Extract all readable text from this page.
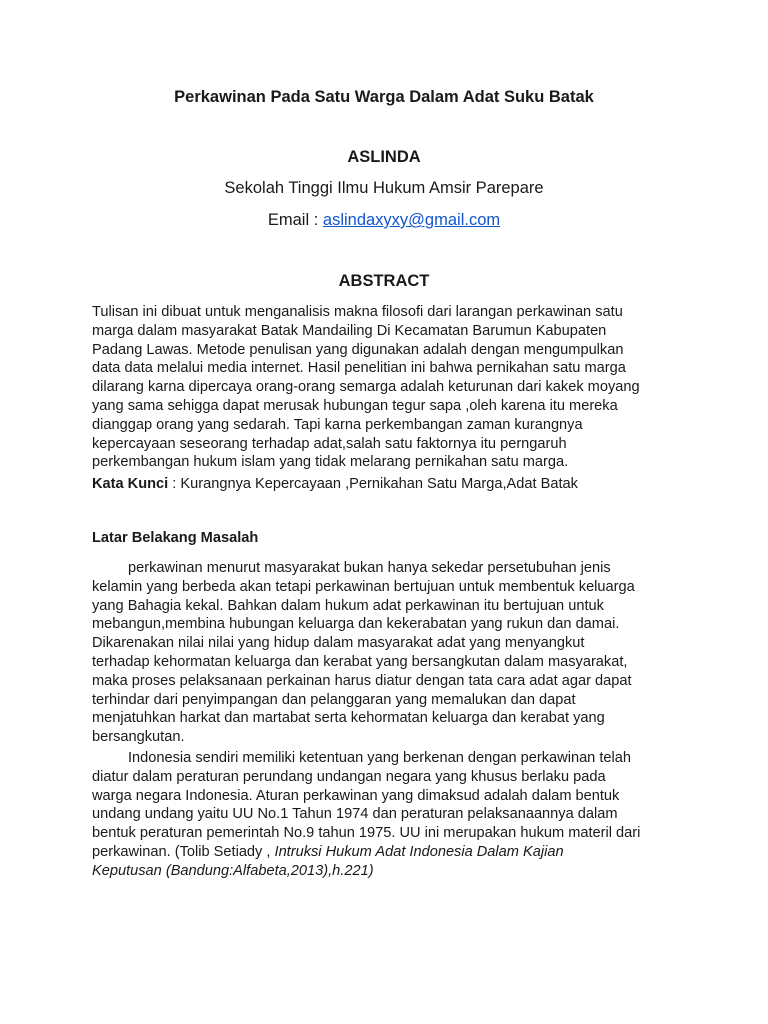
Perkawinan Pada Satu Warga Dalam Adat Suku Batak
ASLINDA
Sekolah Tinggi Ilmu Hukum Amsir Parepare
Email : aslindaxyxy@gmail.com
ABSTRACT
Tulisan ini dibuat untuk menganalisis makna filosofi dari larangan perkawinan satu
marga dalam masyarakat Batak Mandailing Di Kecamatan Barumun Kabupaten
Padang Lawas. Metode penulisan yang digunakan adalah dengan mengumpulkan
data data melalui media internet. Hasil penelitian ini bahwa pernikahan satu marga
dilarang karna dipercaya orang-orang semarga adalah keturunan dari kakek moyang
yang sama sehigga dapat merusak hubungan tegur sapa ,oleh karena itu mereka
dianggap orang yang sedarah. Tapi karna perkembangan zaman kurangnya
kepercayaan seseorang terhadap adat,salah satu faktornya itu perngaruh
perkembangan hukum islam yang tidak melarang pernikahan satu marga.
Kata Kunci : Kurangnya Kepercayaan ,Pernikahan Satu Marga,Adat Batak
Latar Belakang Masalah
perkawinan menurut masyarakat bukan hanya sekedar persetubuhan jenis
kelamin yang berbeda akan tetapi perkawinan bertujuan untuk membentuk keluarga
yang Bahagia kekal. Bahkan dalam hukum adat perkawinan itu bertujuan untuk
mebangun,membina hubungan keluarga dan kekerabatan yang rukun dan damai.
Dikarenakan nilai nilai yang hidup dalam masyarakat adat yang menyangkut
terhadap kehormatan keluarga dan kerabat yang bersangkutan dalam masyarakat,
maka proses pelaksanaan perkainan harus diatur dengan tata cara adat agar dapat
terhindar dari penyimpangan dan pelanggaran yang memalukan dan dapat
menjatuhkan harkat dan martabat serta kehormatan keluarga dan kerabat yang
bersangkutan.
Indonesia sendiri memiliki ketentuan yang berkenan dengan perkawinan telah
diatur dalam peraturan perundang undangan negara yang khusus berlaku pada
warga negara Indonesia. Aturan perkawinan yang dimaksud adalah dalam bentuk
undang undang yaitu UU No.1 Tahun 1974 dan peraturan pelaksanaannya dalam
bentuk peraturan pemerintah No.9 tahun 1975. UU ini merupakan hukum materil dari
perkawinan. (Tolib Setiady , Intruksi Hukum Adat Indonesia Dalam Kajian
Keputusan (Bandung:Alfabeta,2013),h.221)
